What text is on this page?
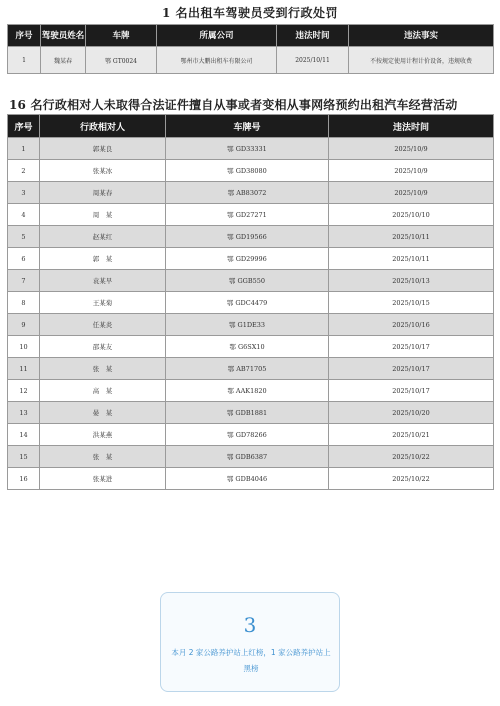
1 名出租车驾驶员受到行政处罚
序号	驾驶员姓名	车牌	所属公司	违法时间	违法事实
1	魏某春	鄂 GT0024	鄂州市大鹏出租车有限公司	2025/10/11	不按规定使用计程计价设备，违规收费
16 名行政相对人未取得合法证件擅自从事或者变相从事网络预约出租汽车经营活动
序号	行政相对人	车牌号	违法时间
1	郭某良	鄂 GD33331	2025/10/9
2	张某冰	鄂 GD38080	2025/10/9
3	周某春	鄂 AB83072	2025/10/9
4	周　某	鄂 GD27271	2025/10/10
5	赵某红	鄂 GD19566	2025/10/11
6	郭　某	鄂 GD29996	2025/10/11
7	袁某早	鄂 GGB550	2025/10/13
8	王某菊	鄂 GDC4479	2025/10/15
9	任某炎	鄂 G1DE33	2025/10/16
10	邵某友	鄂 G6SX10	2025/10/17
11	张　某	鄂 AB71705	2025/10/17
12	高　某	鄂 AAK1820	2025/10/17
13	晏　某	鄂 GDB1881	2025/10/20
14	洪某燕	鄂 GD78266	2025/10/21
15	张　某	鄂 GDB6387	2025/10/22
16	张某进	鄂 GDB4046	2025/10/22
3
本月 2 家公路养护站上红榜，1 家公路养护站上黑榜
